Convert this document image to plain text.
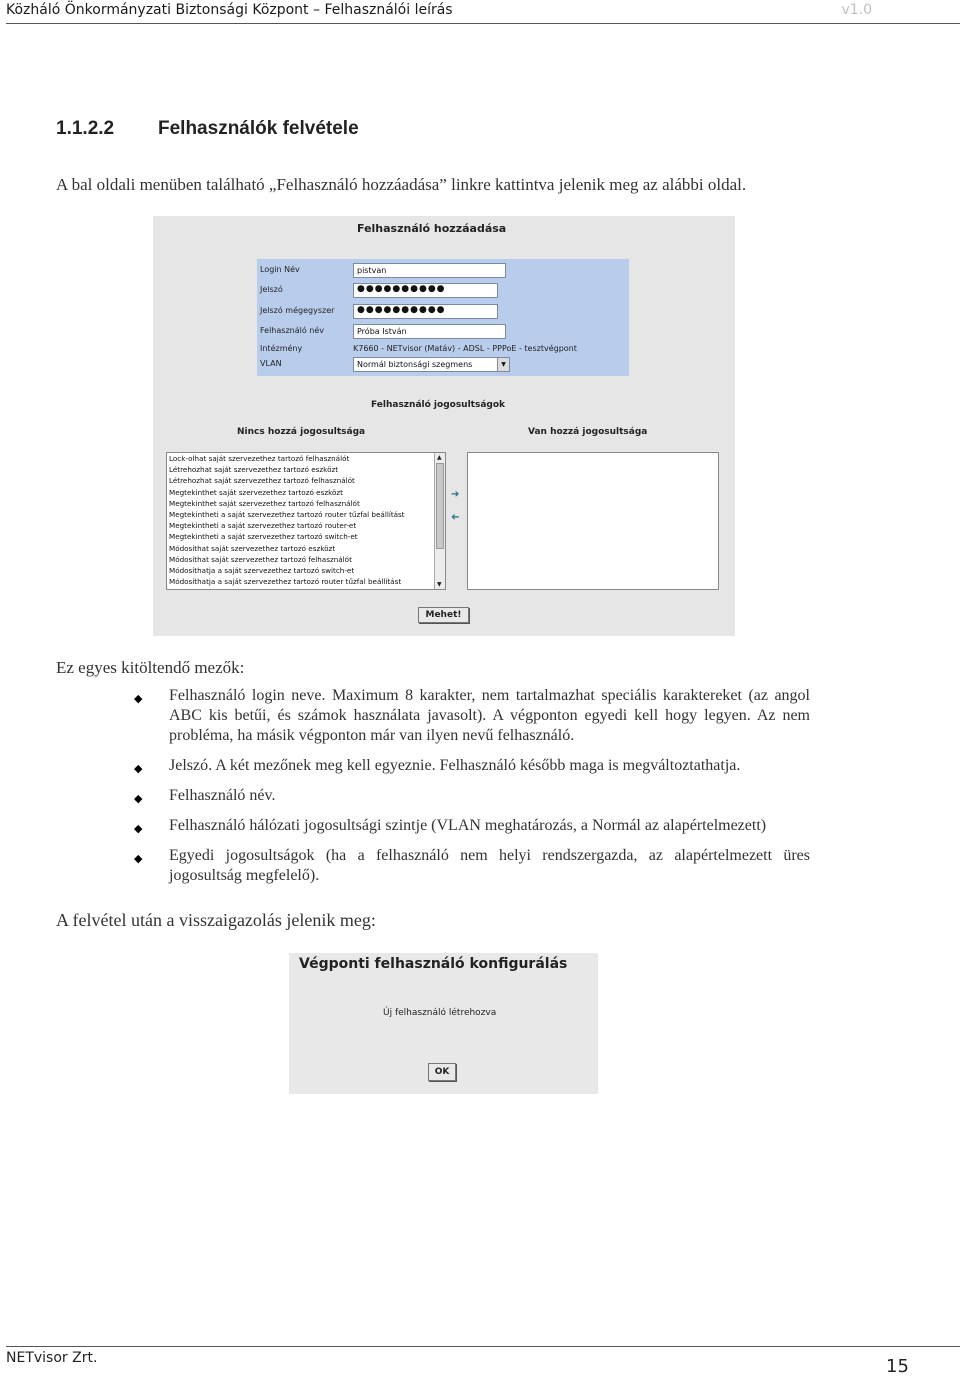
Közháló Önkormányzati Biztonsági Központ – Felhasználói leírás	v1.0
1.1.2.2 Felhasználók felvétele
A bal oldali menüben található „Felhasználó hozzáadása” linkre kattintva jelenik meg az alábbi oldal.
Felhasználó hozzáadása
Login Név	pistvan
Jelszó	●●●●●●●●●●
Jelszó mégegyszer	●●●●●●●●●●
Felhasználó név	Próba István
Intézmény	K7660 - NETvisor (Matáv) - ADSL - PPPoE - tesztvégpont
VLAN	Normál biztonsági szegmens	▼
Felhasználó jogosultságok
Nincs hozzá jogosultsága	Van hozzá jogosultsága
Lock-olhat saját szervezethez tartozó felhasználót
Létrehozhat saját szervezethez tartozó eszközt
Létrehozhat saját szervezethez tartozó felhasználót
Megtekinthet saját szervezethez tartozó eszközt
Megtekinthet saját szervezethez tartozó felhasználót
Megtekintheti a saját szervezethez tartozó router tűzfal beállítást
Megtekintheti a saját szervezethez tartozó router-et
Megtekintheti a saját szervezethez tartozó switch-et
Módosíthat saját szervezethez tartozó eszközt
Módosíthat saját szervezethez tartozó felhasználót
Módosíthatja a saját szervezethez tartozó switch-et
Módosíthatja a saját szervezethez tartozó router tűzfal beállítást
▲
▼
➔
➔
Mehet!
Ez egyes kitöltendő mezők:
◆ Felhasználó login neve. Maximum 8 karakter, nem tartalmazhat speciális karaktereket (az angol ABC kis betűi, és számok használata javasolt). A végponton egyedi kell hogy legyen. Az nem probléma, ha másik végponton már van ilyen nevű felhasználó.
◆ Jelszó. A két mezőnek meg kell egyeznie. Felhasználó később maga is megváltoztathatja.
◆ Felhasználó név.
◆ Felhasználó hálózati jogosultsági szintje (VLAN meghatározás, a Normál az alapértelmezett)
◆ Egyedi jogosultságok (ha a felhasználó nem helyi rendszergazda, az alapértelmezett üres jogosultság megfelelő).
A felvétel után a visszaigazolás jelenik meg:
Végponti felhasználó konfigurálás
Új felhasználó létrehozva
OK
NETvisor Zrt.	15
